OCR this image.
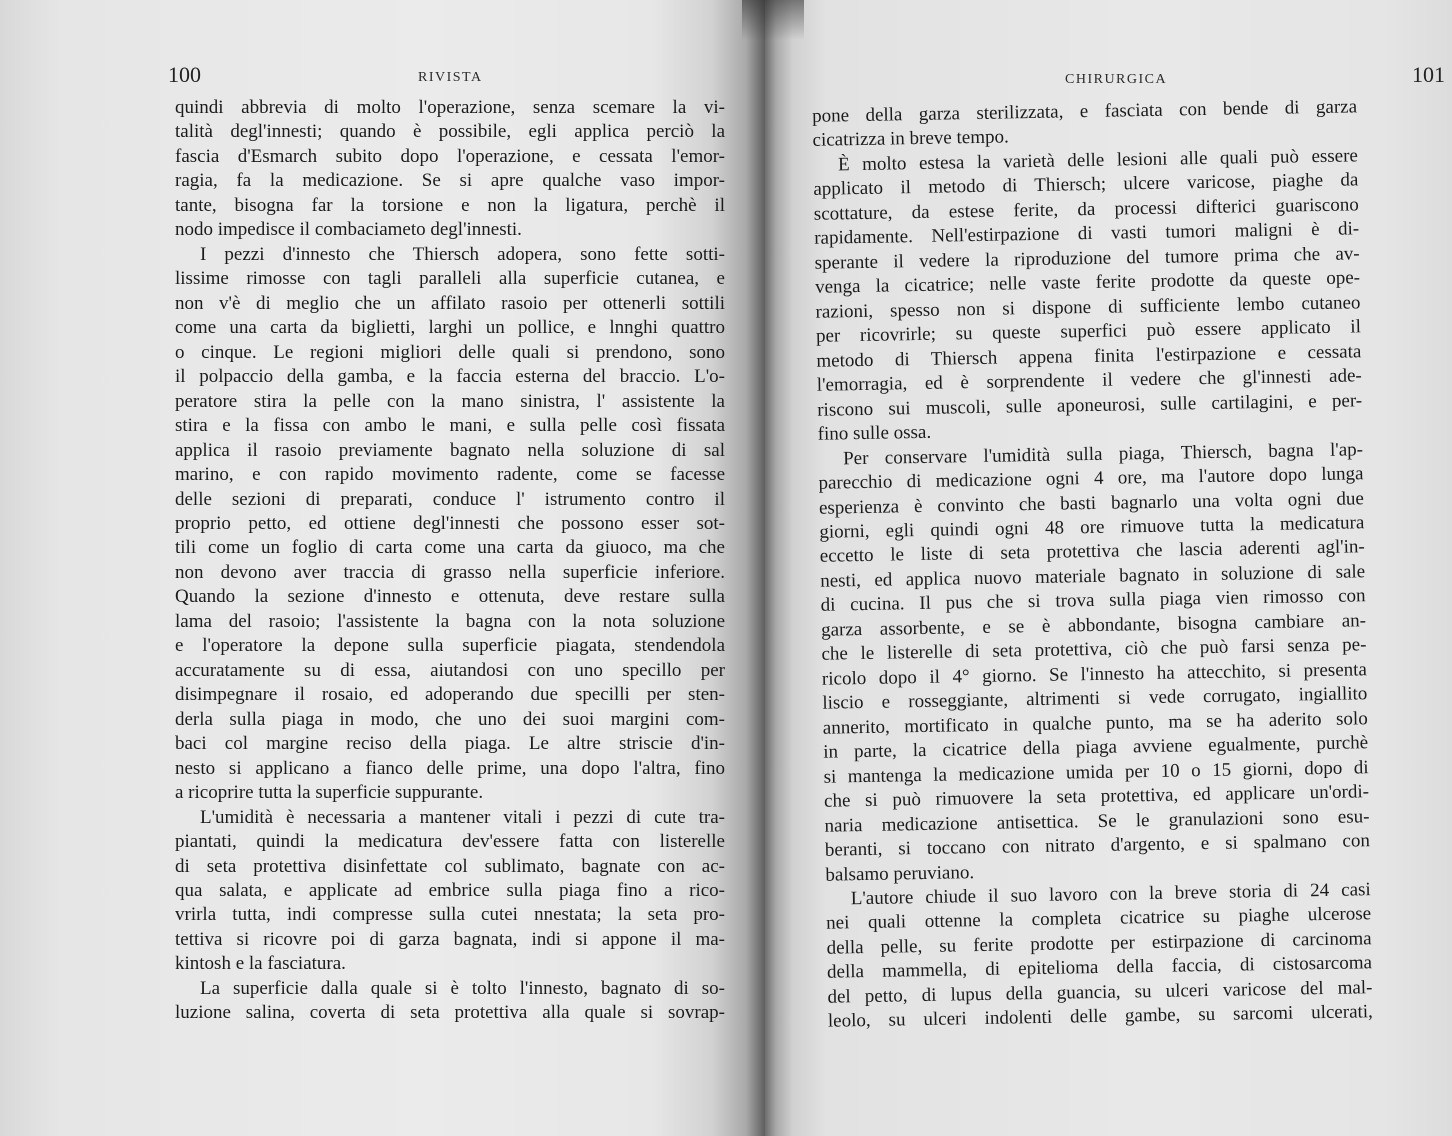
100	RIVISTA
quindi abbrevia di molto l'operazione, senza scemare la vi-
talità degl'innesti; quando è possibile, egli applica perciò la
fascia d'Esmarch subito dopo l'operazione, e cessata l'emor-
ragia, fa la medicazione. Se si apre qualche vaso impor-
tante, bisogna far la torsione e non la ligatura, perchè il
nodo impedisce il combaciameto degl'innesti.
I pezzi d'innesto che Thiersch adopera, sono fette sotti-
lissime rimosse con tagli paralleli alla superficie cutanea, e
non v'è di meglio che un affilato rasoio per ottenerli sottili
come una carta da biglietti, larghi un pollice, e lnnghi quattro
o cinque. Le regioni migliori delle quali si prendono, sono
il polpaccio della gamba, e la faccia esterna del braccio. L'o-
peratore stira la pelle con la mano sinistra, l' assistente la
stira e la fissa con ambo le mani, e sulla pelle così fissata
applica il rasoio previamente bagnato nella soluzione di sal
marino, e con rapido movimento radente, come se facesse
delle sezioni di preparati, conduce l' istrumento contro il
proprio petto, ed ottiene degl'innesti che possono esser sot-
tili come un foglio di carta come una carta da giuoco, ma che
non devono aver traccia di grasso nella superficie inferiore.
Quando la sezione d'innesto e ottenuta, deve restare sulla
lama del rasoio; l'assistente la bagna con la nota soluzione
e l'operatore la depone sulla superficie piagata, stendendola
accuratamente su di essa, aiutandosi con uno specillo per
disimpegnare il rosaio, ed adoperando due specilli per sten-
derla sulla piaga in modo, che uno dei suoi margini com-
baci col margine reciso della piaga. Le altre striscie d'in-
nesto si applicano a fianco delle prime, una dopo l'altra, fino
a ricoprire tutta la superficie suppurante.
L'umidità è necessaria a mantener vitali i pezzi di cute tra-
piantati, quindi la medicatura dev'essere fatta con listerelle
di seta protettiva disinfettate col sublimato, bagnate con ac-
qua salata, e applicate ad embrice sulla piaga fino a rico-
vrirla tutta, indi compresse sulla cutei nnestata; la seta pro-
tettiva si ricovre poi di garza bagnata, indi si appone il ma-
kintosh e la fasciatura.
La superficie dalla quale si è tolto l'innesto, bagnato di so-
luzione salina, coverta di seta protettiva alla quale si sovrap-
CHIRURGICA	101
pone della garza sterilizzata, e fasciata con bende di garza
cicatrizza in breve tempo.
È molto estesa la varietà delle lesioni alle quali può essere
applicato il metodo di Thiersch; ulcere varicose, piaghe da
scottature, da estese ferite, da processi difterici guariscono
rapidamente. Nell'estirpazione di vasti tumori maligni è di-
sperante il vedere la riproduzione del tumore prima che av-
venga la cicatrice; nelle vaste ferite prodotte da queste ope-
razioni, spesso non si dispone di sufficiente lembo cutaneo
per ricovrirle; su queste superfici può essere applicato il
metodo di Thiersch appena finita l'estirpazione e cessata
l'emorragia, ed è sorprendente il vedere che gl'innesti ade-
riscono sui muscoli, sulle aponeurosi, sulle cartilagini, e per-
fino sulle ossa.
Per conservare l'umidità sulla piaga, Thiersch, bagna l'ap-
parecchio di medicazione ogni 4 ore, ma l'autore dopo lunga
esperienza è convinto che basti bagnarlo una volta ogni due
giorni, egli quindi ogni 48 ore rimuove tutta la medicatura
eccetto le liste di seta protettiva che lascia aderenti agl'in-
nesti, ed applica nuovo materiale bagnato in soluzione di sale
di cucina. Il pus che si trova sulla piaga vien rimosso con
garza assorbente, e se è abbondante, bisogna cambiare an-
che le listerelle di seta protettiva, ciò che può farsi senza pe-
ricolo dopo il 4° giorno. Se l'innesto ha attecchito, si presenta
liscio e rosseggiante, altrimenti si vede corrugato, ingiallito
annerito, mortificato in qualche punto, ma se ha aderito solo
in parte, la cicatrice della piaga avviene egualmente, purchè
si mantenga la medicazione umida per 10 o 15 giorni, dopo di
che si può rimuovere la seta protettiva, ed applicare un'ordi-
naria medicazione antisettica. Se le granulazioni sono esu-
beranti, si toccano con nitrato d'argento, e si spalmano con
balsamo peruviano.
L'autore chiude il suo lavoro con la breve storia di 24 casi
nei quali ottenne la completa cicatrice su piaghe ulcerose
della pelle, su ferite prodotte per estirpazione di carcinoma
della mammella, di epitelioma della faccia, di cistosarcoma
del petto, di lupus della guancia, su ulceri varicose del mal-
leolo, su ulceri indolenti delle gambe, su sarcomi ulcerati,
